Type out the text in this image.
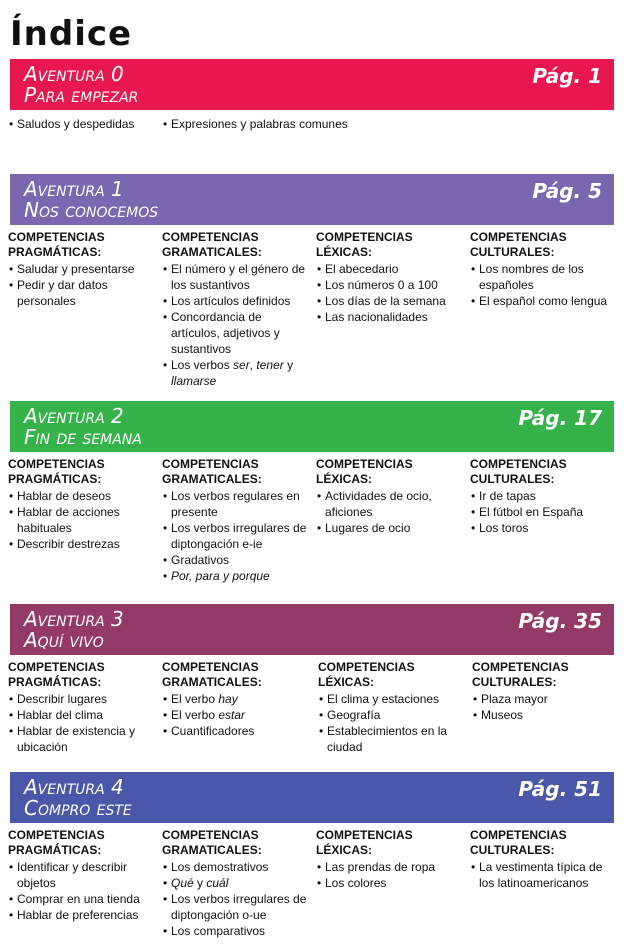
Índice
Aventura 0
Para empezar
Pág. 1
• Saludos y despedidas
•	Expresiones y palabras comunes
Aventura 1
Nos conocemos
Pág. 5
COMPETENCIAS
PRAGMÁTICAS:
• Saludar y presentarse
• Pedir y dar datos personales
COMPETENCIAS
GRAMATICALES:
• El número y el género de los sustantivos
• Los artículos definidos
• Concordancia de artículos, adjetivos y sustantivos
• Los verbos ser, tener y llamarse
COMPETENCIAS
LÉXICAS:
• El abecedario
• Los números 0 a 100
• Los días de la semana
• Las nacionalidades
COMPETENCIAS
CULTURALES:
• Los nombres de los españoles
• El español como lengua
Aventura 2
Fin de semana
Pág. 17
COMPETENCIAS
PRAGMÁTICAS:
• Hablar de deseos
• Hablar de acciones habituales
• Describir destrezas
COMPETENCIAS
GRAMATICALES:
• Los verbos regulares en presente
• Los verbos irregulares de diptongación e-ie
• Gradativos
• Por, para y porque
COMPETENCIAS
LÉXICAS:
• Actividades de ocio, aficiones
• Lugares de ocio
COMPETENCIAS
CULTURALES:
• Ir de tapas
• El fútbol en España
• Los toros
Aventura 3
Aquí vivo
Pág. 35
COMPETENCIAS
PRAGMÁTICAS:
• Describir lugares
• Hablar del clima
• Hablar de existencia y ubicación
COMPETENCIAS
GRAMATICALES:
• El verbo hay
• El verbo estar
• Cuantificadores
COMPETENCIAS
LÉXICAS:
• El clima y estaciones
• Geografía
• Establecimientos en la ciudad
COMPETENCIAS
CULTURALES:
• Plaza mayor
• Museos
Aventura 4
Compro este
Pág. 51
COMPETENCIAS
PRAGMÁTICAS:
• Identificar y describir objetos
• Comprar en una tienda
• Hablar de preferencias
COMPETENCIAS
GRAMATICALES:
• Los demostrativos
• Qué y cuál
• Los verbos irregulares de diptongación o-ue
• Los comparativos
COMPETENCIAS
LÉXICAS:
• Las prendas de ropa
• Los colores
COMPETENCIAS
CULTURALES:
• La vestimenta típica de los latinoamericanos
